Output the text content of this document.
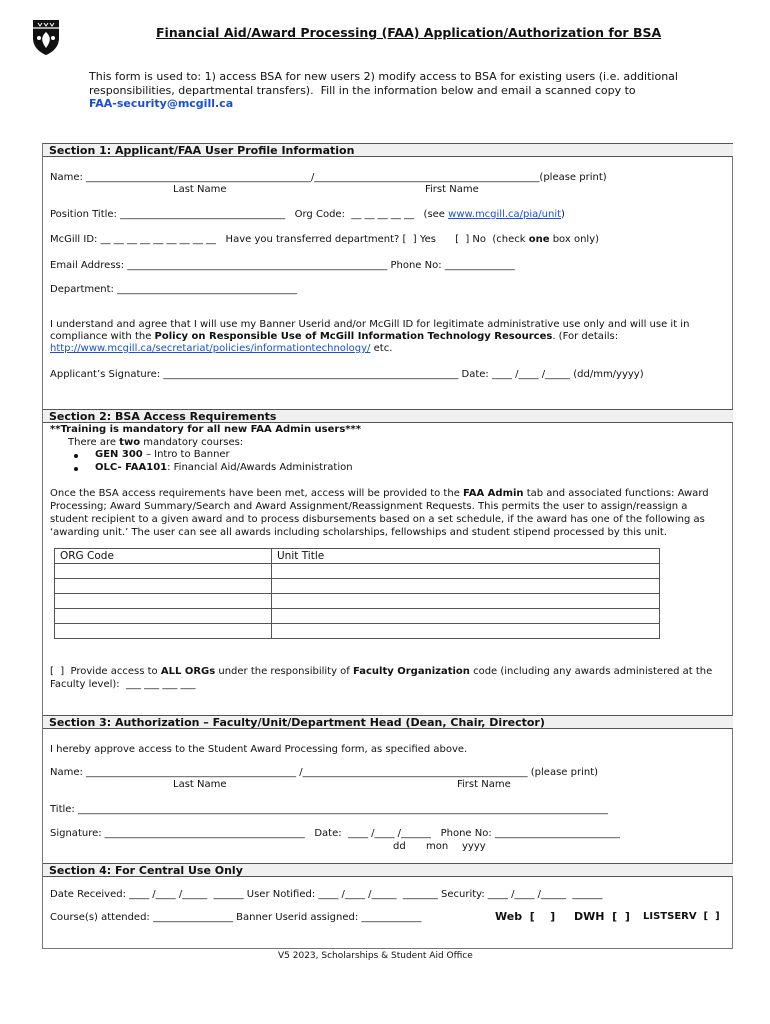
Financial Aid/Award Processing (FAA) Application/Authorization for BSA
This form is used to: 1) access BSA for new users 2) modify access to BSA for existing users (i.e. additional
responsibilities, departmental transfers).  Fill in the information below and email a scanned copy to
FAA-security@mcgill.ca
Section 1: Applicant/FAA User Profile Information
Name: _____________________________________________/_____________________________________________(please print)
Last Name	First Name
Position Title: _________________________________   Org Code:  __ __ __ __ __   (see www.mcgill.ca/pia/unit)
McGill ID: __ __ __ __ __ __ __ __ __   Have you transferred department? [  ] Yes      [  ] No  (check one box only)
Email Address: ____________________________________________________ Phone No: ______________
Department: ____________________________________
I understand and agree that I will use my Banner Userid and/or McGill ID for legitimate administrative use only and will use it in
compliance with the Policy on Responsible Use of McGill Information Technology Resources. (For details:
http://www.mcgill.ca/secretariat/policies/informationtechnology/ etc.
Applicant’s Signature: ___________________________________________________________ Date: ____ /____ /_____ (dd/mm/yyyy)
Section 2: BSA Access Requirements
**Training is mandatory for all new FAA Admin users***
There are two mandatory courses:
GEN 300 – Intro to Banner
OLC- FAA101: Financial Aid/Awards Administration
Once the BSA access requirements have been met, access will be provided to the FAA Admin tab and associated functions: Award
Processing; Award Summary/Search and Award Assignment/Reassignment Requests. This permits the user to assign/reassign a
student recipient to a given award and to process disbursements based on a set schedule, if the award has one of the following as
‘awarding unit.’ The user can see all awards including scholarships, fellowships and student stipend processed by this unit.
ORG Code	Unit Title

[  ]  Provide access to ALL ORGs under the responsibility of Faculty Organization code (including any awards administered at the
Faculty level):  ___ ___ ___ ___
Section 3: Authorization – Faculty/Unit/Department Head (Dean, Chair, Director)
I hereby approve access to the Student Award Processing form, as specified above.
Name: __________________________________________ /_____________________________________________ (please print)
Last Name	First Name
Title: __________________________________________________________________________________________________________
Signature: ________________________________________   Date:  ____ /____ /______   Phone No: _________________________
dd mon yyyy
Section 4: For Central Use Only
Date Received: ____ /____ /_____  ______ User Notified: ____ /____ /_____  _______ Security: ____ /____ /_____  ______
Course(s) attended: ________________ Banner Userid assigned: ____________	Web  [    ] DWH  [  ] LISTSERV  [  ]
V5 2023, Scholarships & Student Aid Office
